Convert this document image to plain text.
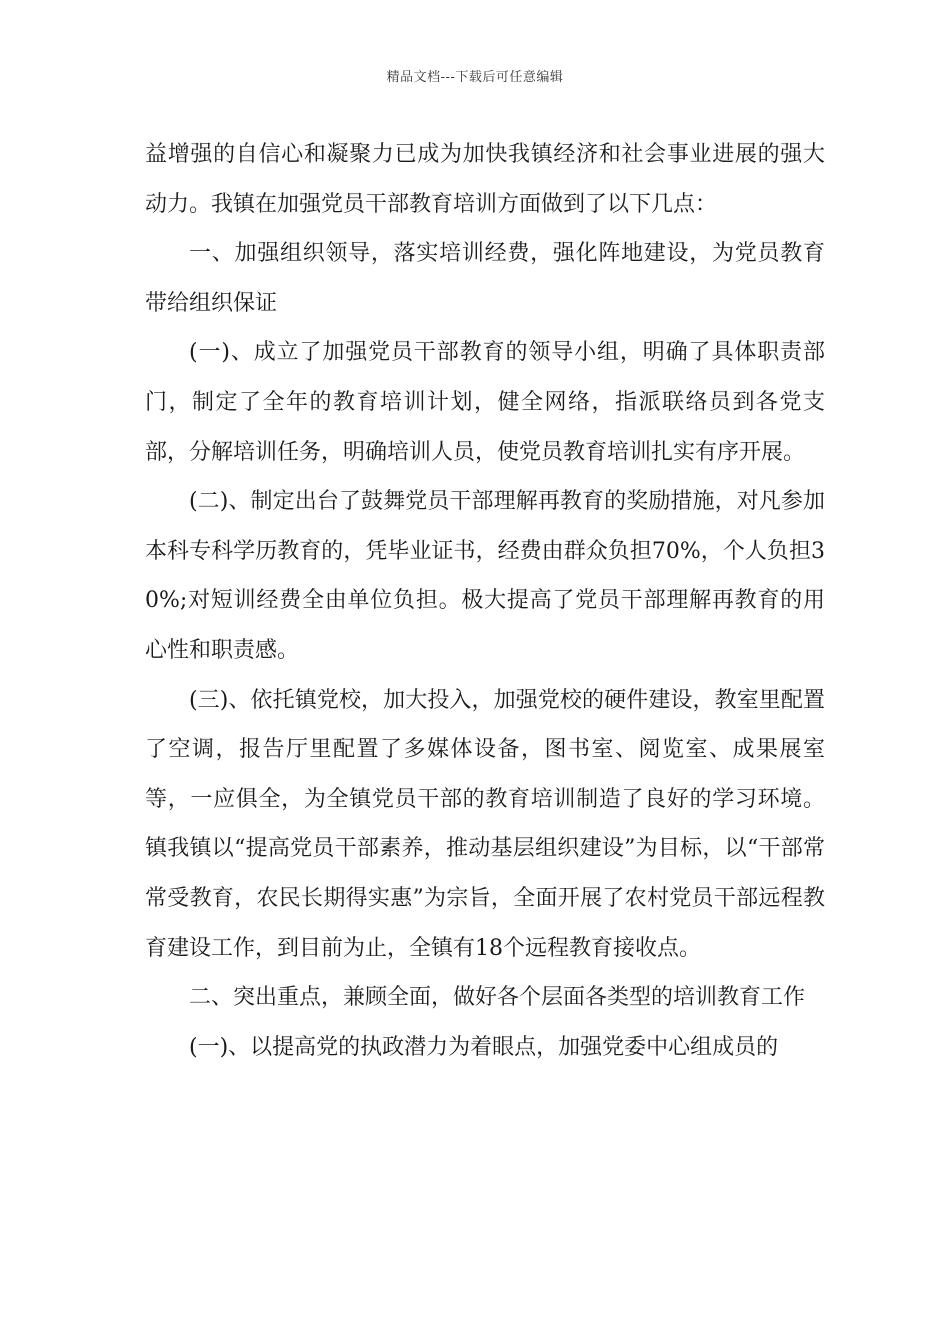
精品文档---下载后可任意编辑

益增强的自信心和凝聚力已成为加快我镇经济和社会事业进展的强大动力。我镇在加强党员干部教育培训方面做到了以下几点：

一、加强组织领导，落实培训经费，强化阵地建设，为党员教育带给组织保证

(一)、成立了加强党员干部教育的领导小组，明确了具体职责部门，制定了全年的教育培训计划，健全网络，指派联络员到各党支部，分解培训任务，明确培训人员，使党员教育培训扎实有序开展。

(二)、制定出台了鼓舞党员干部理解再教育的奖励措施，对凡参加本科专科学历教育的，凭毕业证书，经费由群众负担70%，个人负担30%;对短训经费全由单位负担。极大提高了党员干部理解再教育的用心性和职责感。

(三)、依托镇党校，加大投入，加强党校的硬件建设，教室里配置了空调，报告厅里配置了多媒体设备，图书室、阅览室、成果展室等，一应俱全，为全镇党员干部的教育培训制造了良好的学习环境。镇我镇以“提高党员干部素养，推动基层组织建设”为目标，以“干部常常受教育，农民长期得实惠”为宗旨，全面开展了农村党员干部远程教育建设工作，到目前为止，全镇有18个远程教育接收点。

二、突出重点，兼顾全面，做好各个层面各类型的培训教育工作

(一)、以提高党的执政潜力为着眼点，加强党委中心组成员的
